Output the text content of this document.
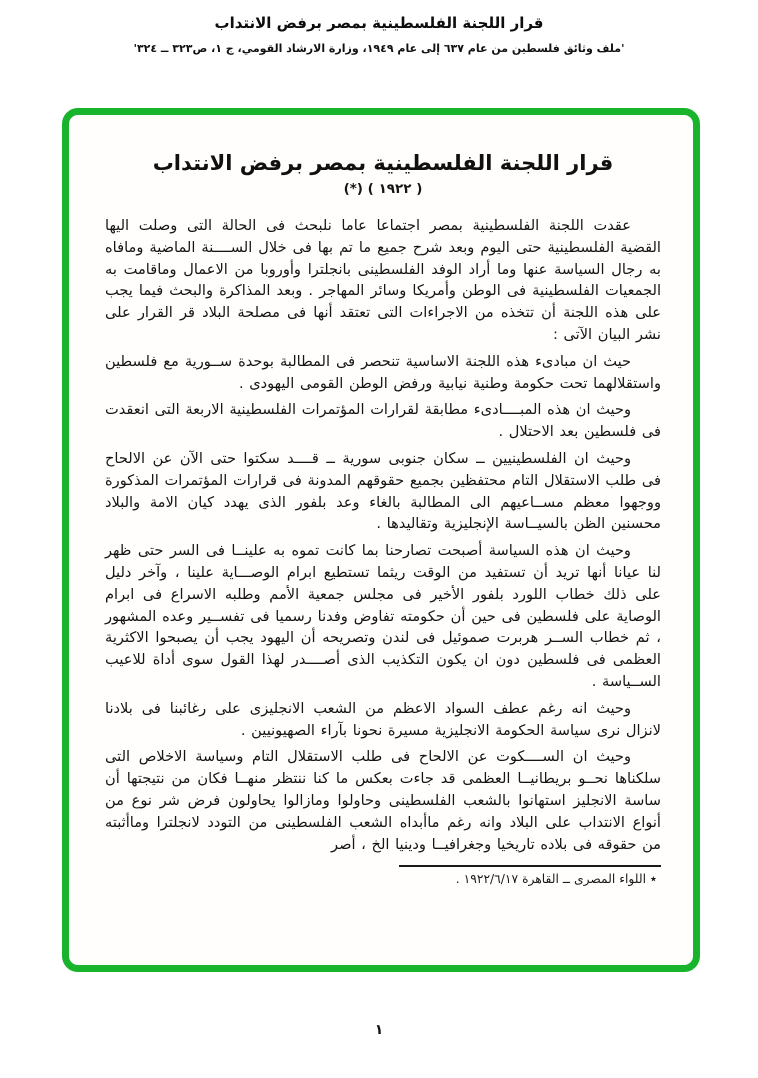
قرار اللجنة الفلسطينية بمصر برفض الانتداب
'ملف وثائق فلسطين من عام ٦٣٧ إلى عام ١٩٤٩، وزارة الارشاد القومي، ج ١، ص٣٢٣ ــ ٣٢٤'
قرار اللجنة الفلسطينية بمصر برفض الانتداب
( ١٩٢٢ ) (*)

عقدت اللجنة الفلسطينية بمصر اجتماعا عاما نلبحث فى الحالة التى وصلت اليها القضية الفلسطينية حتى اليوم وبعد شرح جميع ما تم بها فى خلال الســــنة الماضية ومافاه به رجال السياسة عنها وما أراد الوفد الفلسطينى بانجلترا وأوروبا من الاعمال وماقامت به الجمعيات الفلسطينية فى الوطن وأمريكا وسائر المهاجر . وبعد المذاكرة والبحث فيما يجب على هذه اللجنة أن تتخذه من الاجراءات التى تعتقد أنها فى مصلحة البلاد قر القرار على نشر البيان الآتى :

حيث ان مبادىء هذه اللجنة الاساسية تنحصر فى المطالبة بوحدة ســورية مع فلسطين واستقلالهما تحت حكومة وطنية نيابية ورفض الوطن القومى اليهودى .

وحيث ان هذه المبــــادىء مطابقة لقرارات المؤتمرات الفلسطينية الاربعة التى انعقدت فى فلسطين بعد الاحتلال .

وحيث ان الفلسطينيين ــ سكان جنوبى سورية ــ قــــد سكتوا حتى الآن عن الالحاح فى طلب الاستقلال التام محتفظين بجميع حقوقهم المدونة فى قرارات المؤتمرات المذكورة ووجهوا معظم مســاعيهم الى المطالبة بالغاء وعد بلفور الذى يهدد كيان الامة والبلاد محسنين الظن بالسيــاسة الإنجليزية وتقاليدها .

وحيث ان هذه السياسة أصبحت تصارحنا بما كانت تموه به علينــا فى السر حتى ظهر لنا عيانا أنها تريد أن تستفيد من الوقت ريثما تستطيع ابرام الوصـــاية علينا ، وآخر دليل على ذلك خطاب اللورد بلفور الأخير فى مجلس جمعية الأمم وطلبه الاسراع فى ابرام الوصاية على فلسطين فى حين أن حكومته تفاوض وفدنا رسميا فى تفســير وعده المشهور ، ثم خطاب الســر هربرت صموئيل فى لندن وتصريحه أن اليهود يجب أن يصبحوا الاكثرية العظمى فى فلسطين دون ان يكون التكذيب الذى أصــــدر لهذا القول سوى أداة للاعيب الســياسة .

وحيث انه رغم عطف السواد الاعظم من الشعب الانجليزى على رغائبنا فى بلادنا لانزال نرى سياسة الحكومة الانجليزية مسيرة نحونا بآراء الصهيونيين .

وحيث ان الســــكوت عن الالحاح فى طلب الاستقلال التام وسياسة الاخلاص التى سلكناها نحــو بريطانيــا العظمى قد جاءت بعكس ما كنا ننتظر منهــا فكان من نتيجتها أن ساسة الانجليز استهانوا بالشعب الفلسطينى وحاولوا ومازالوا يحاولون فرض شر نوع من أنواع الانتداب على البلاد وانه رغم ماأبداه الشعب الفلسطينى من التودد لانجلترا وماأثبته من حقوقه فى بلاده تاريخيا وجغرافيــا ودينيا الخ ، أصر

٭ اللواء المصرى ــ القاهرة ١٩٢٢/٦/١٧ .
١
